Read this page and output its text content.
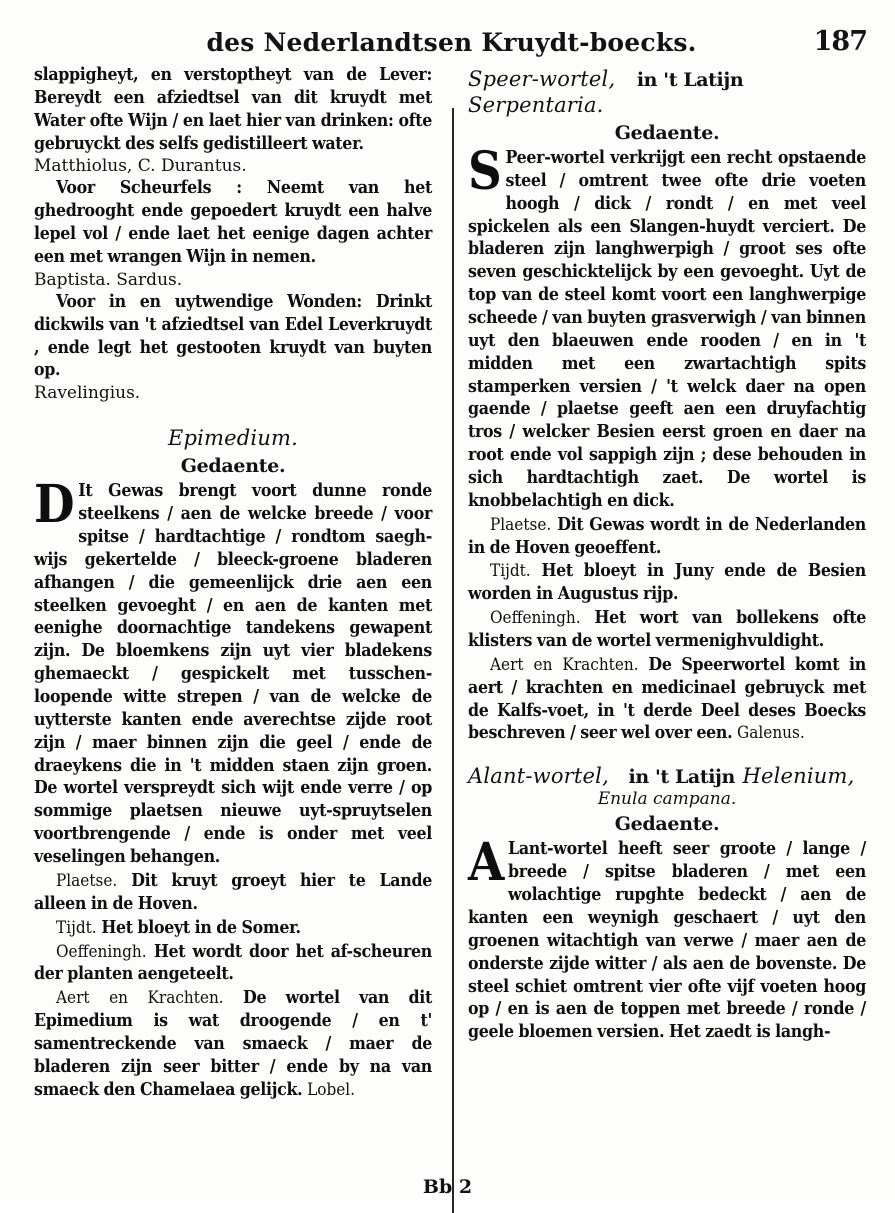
des Nederlandtsen Kruydt-boecks.	187

slappigheyt, en verstoptheyt van de Lever: Bereydt een afziedtsel van dit kruydt met Water ofte Wijn / en laet hier van drinken: ofte gebruyckt des selfs gedistilleert water.

Matthiolus, C. Durantus.

Voor Scheurfels : Neemt van het ghedrooght ende gepoedert kruydt een halve lepel vol / ende laet het eenige dagen achter een met wrangen Wijn in nemen.

Baptista. Sardus.

Voor in en uytwendige Wonden: Drinkt dickwils van 't afziedtsel van Edel Leverkruydt , ende legt het gestooten kruydt van buyten op.

Ravelingius.

Epimedium.
Gedaente.
D It Gewas brengt voort dunne ronde steelkens / aen de welcke breede / voor spitse / hardtachtige / rondtom saegh-wijs gekertelde / bleeck-groene bladeren afhangen / die gemeenlijck drie aen een steelken gevoeght / en aen de kanten met eenighe doornachtige tandekens gewapent zijn. De bloemkens zijn uyt vier bladekens ghemaeckt / gespickelt met tusschen-loopende witte strepen / van de welcke de uytterste kanten ende averechtse zijde root zijn / maer binnen zijn die geel / ende de draeykens die in 't midden staen zijn groen. De wortel verspreydt sich wijt ende verre / op sommige plaetsen nieuwe uyt-spruytselen voortbrengende / ende is onder met veel veselingen behangen.

Plaetse. Dit kruyt groeyt hier te Lande alleen in de Hoven.

Tijdt. Het bloeyt in de Somer.

Oeffeningh. Het wordt door het af-scheuren der planten aengeteelt.

Aert en Krachten. De wortel van dit Epimedium is wat droogende / en t' samentreckende van smaeck / maer de bladeren zijn seer bitter / ende by na van smaeck den Chamelaea gelijck. Lobel.

Speer-wortel, in 't Latijn Serpentaria.
Gedaente.
S Peer-wortel verkrijgt een recht opstaende steel / omtrent twee ofte drie voeten hoogh / dick / rondt / en met veel spickelen als een Slangen-huydt verciert. De bladeren zijn langhwerpigh / groot ses ofte seven geschicktelijck by een gevoeght. Uyt de top van de steel komt voort een langhwerpige scheede / van buyten grasverwigh / van binnen uyt den blaeuwen ende rooden / en in 't midden met een zwartachtigh spits stamperken versien / 't welck daer na open gaende / plaetse geeft aen een druyfachtig tros / welcker Besien eerst groen en daer na root ende vol sappigh zijn ; dese behouden in sich hardtachtigh zaet. De wortel is knobbelachtigh en dick.

Plaetse. Dit Gewas wordt in de Nederlanden in de Hoven geoeffent.

Tijdt. Het bloeyt in Juny ende de Besien worden in Augustus rijp.

Oeffeningh. Het wort van bollekens ofte klisters van de wortel vermenighvuldight.

Aert en Krachten. De Speerwortel komt in aert / krachten en medicinael gebruyck met de Kalfs-voet, in 't derde Deel deses Boecks beschreven / seer wel over een. Galenus.

Alant-wortel, in 't Latijn Helenium,
Enula campana.
Gedaente.
A Lant-wortel heeft seer groote / lange / breede / spitse bladeren / met een wolachtige rupghte bedeckt / aen de kanten een weynigh geschaert / uyt den groenen witachtigh van verwe / maer aen de onderste zijde witter / als aen de bovenste. De steel schiet omtrent vier ofte vijf voeten hoog op / en is aen de toppen met breede / ronde / geele bloemen versien. Het zaedt is langh-
Bb 2
